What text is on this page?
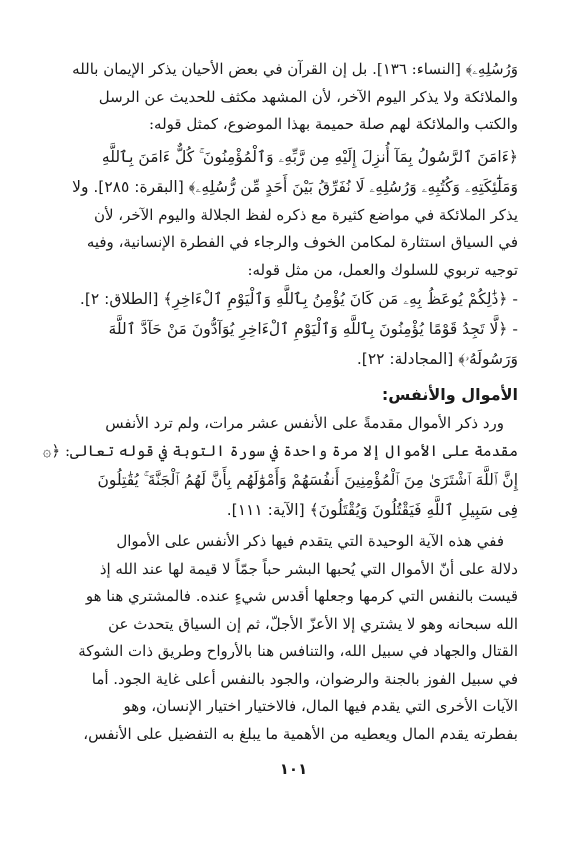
وَرُسُلِهِۦ﴾ [النساء: ١٣٦]. بل إن القرآن في بعض الأحيان يذكر الإيمان بالله
والملائكة ولا يذكر اليوم الآخر، لأن المشهد مكثف للحديث عن الرسل
والكتب والملائكة لهم صلة حميمة بهذا الموضوع، كمثل قوله:
﴿ءَامَنَ ٱلرَّسُولُ بِمَآ أُنزِلَ إِلَيْهِ مِن رَّبِّهِۦ وَٱلْمُؤْمِنُونَ ۚ كُلٌّ ءَامَنَ بِٱللَّهِ
وَمَلَٰٓئِكَتِهِۦ وَكُتُبِهِۦ وَرُسُلِهِۦ لَا نُفَرِّقُ بَيْنَ أَحَدٍ مِّن رُّسُلِهِۦ﴾ [البقرة: ٢٨٥]. ولا
يذكر الملائكة في مواضع كثيرة مع ذكره لفظ الجلالة واليوم الآخر، لأن
في السياق استثارة لمكامن الخوف والرجاء في الفطرة الإنسانية، وفيه
توجيه تربوي للسلوك والعمل، من مثل قوله:
- ﴿ذَٰلِكُمْ يُوعَظُ بِهِۦ مَن كَانَ يُؤْمِنُ بِٱللَّهِ وَٱلْيَوْمِ ٱلْءَاخِرِ﴾ [الطلاق: ٢].
- ﴿لَّا تَجِدُ قَوْمًا يُؤْمِنُونَ بِٱللَّهِ وَٱلْيَوْمِ ٱلْءَاخِرِ يُوَآدُّونَ مَنْ حَآدَّ ٱللَّهَ
وَرَسُولَهُۥ﴾ [المجادلة: ٢٢].
الأموال والأنفس:
ورد ذكر الأموال مقدمةً على الأنفس عشر مرات، ولم ترد الأنفس
مقدمة على الأموال إلا مرة واحدة في سورة التوبة في قوله تعالى: ﴿۞
إِنَّ ٱللَّهَ ٱشْتَرَىٰ مِنَ ٱلْمُؤْمِنِينَ أَنفُسَهُمْ وَأَمْوَٰلَهُم بِأَنَّ لَهُمُ ٱلْجَنَّةَ ۚ يُقَٰتِلُونَ
فِى سَبِيلِ ٱللَّهِ فَيَقْتُلُونَ وَيُقْتَلُونَ﴾ [الآية: ١١١].
ففي هذه الآية الوحيدة التي يتقدم فيها ذكر الأنفس على الأموال
دلالة على أنّ الأموال التي يُحبها البشر حباً جمّاً لا قيمة لها عند الله إذ
قيست بالنفس التي كرمها وجعلها أقدس شيءٍ عنده. فالمشتري هنا هو
الله سبحانه وهو لا يشتري إلا الأعزّ الأجلّ، ثم إن السياق يتحدث عن
القتال والجهاد في سبيل الله، والتنافس هنا بالأرواح وطريق ذات الشوكة
في سبيل الفوز بالجنة والرضوان، والجود بالنفس أعلى غاية الجود. أما
الآيات الأخرى التي يقدم فيها المال، فالاختيار اختيار الإنسان، وهو
بفطرته يقدم المال ويعطيه من الأهمية ما يبلغ به التفضيل على الأنفس،
١٠١
